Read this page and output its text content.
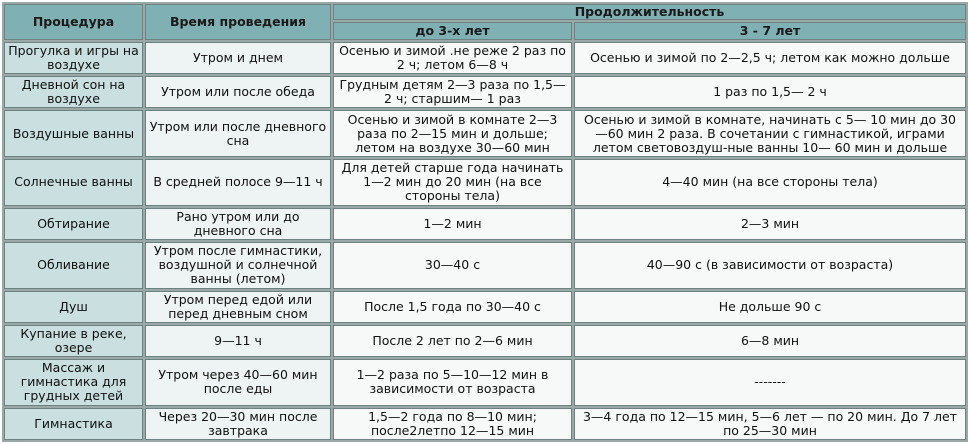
Процедура	Время проведения	Продолжительность	
		до 3-х лет	3 - 7 лет
Прогулка и игры на воздухе	Утром и днем	Осенью и зимой .не реже 2 раз по 2 ч; летом 6—8 ч	Осенью и зимой по 2—2,5 ч; летом как можно дольше
Дневной сон на воздухе	Утром или после обеда	Грудным детям 2—3 раза по 1,5—2 ч; старшим— 1 раз	1 раз по 1,5— 2 ч
Воздушные ванны	Утром или после дневного сна	Осенью и зимой в комнате 2—3 раза по 2—15 мин и дольше; летом на воздухе 30—60 мин	Осенью и зимой в комнате, начинать с 5— 10 мин до 30—60 мин 2 раза. В сочетании с гимнастикой, играми летом световоздуш-ные ванны 10— 60 мин и дольше
Солнечные ванны	В средней полосе 9—11 ч	Для детей старше года начинать 1—2 мин до 20 мин (на все стороны тела)	4—40 мин (на все стороны тела)
Обтирание	Рано утром или до дневного сна	1—2 мин	2—3 мин
Обливание	Утром после гимнастики, воздушной и солнечной ванны (летом)	30—40 с	40—90 с (в зависимости от возраста)
Душ	Утром перед едой или перед дневным сном	После 1,5 года по 30—40 с	Не дольше 90 с
Купание в реке, озере	9—11 ч	После 2 лет по 2—6 мин	6—8 мин
Массаж и гимнастика для грудных детей	Утром через 40—60 мин после еды	1—2 раза по 5—10—12 мин в зависимости от возраста	-------
Гимнастика	Через 20—30 мин после завтрака	1,5—2 года по 8—10 мин; после2летпо 12—15 мин	3—4 года по 12—15 мин, 5—6 лет — по 20 мин. До 7 лет по 25—30 мин
